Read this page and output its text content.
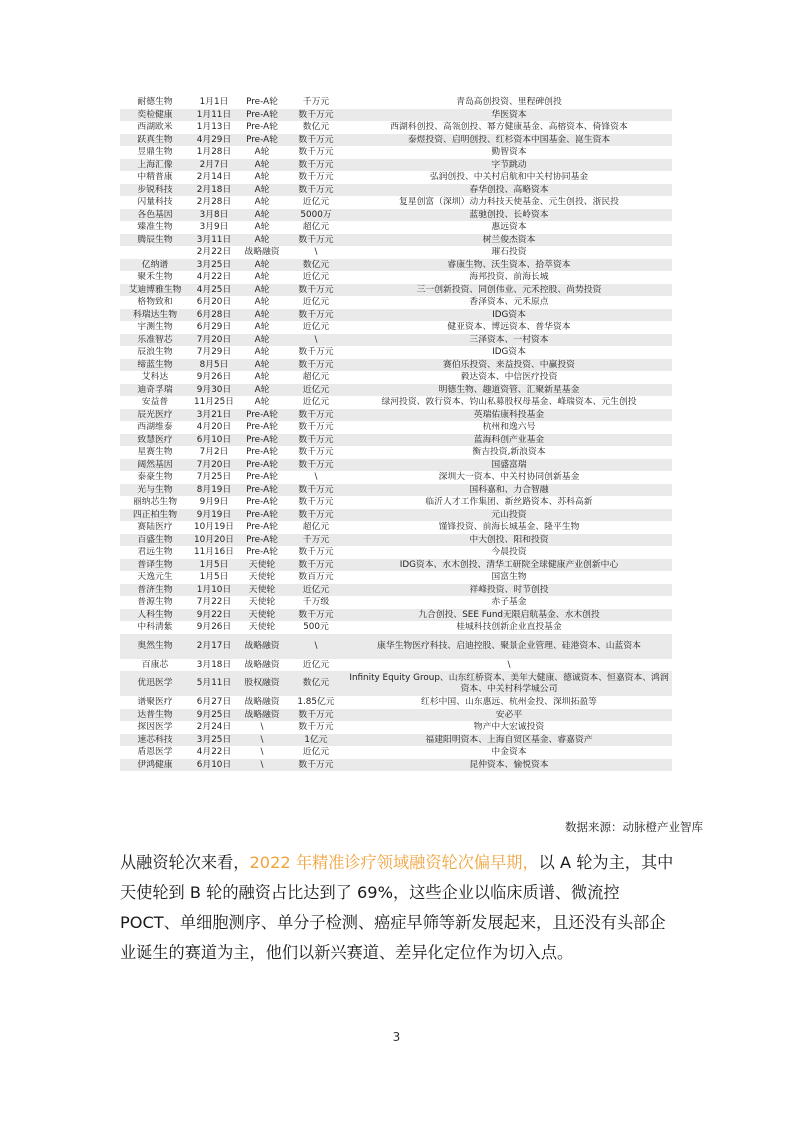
耐德生物	1月1日	Pre-A轮	千万元	青岛高创投资、里程碑创投
奕检健康	1月11日	Pre-A轮	数千万元	华医资本
西湖欧米	1月13日	Pre-A轮	数亿元	西湖科创投、高瓴创投、幂方健康基金、高榕资本、倚锋资本
跃真生物	4月29日	Pre-A轮	数千万元	泰煜投资、启明创投、红杉资本中国基金、崑生资本
昱鼎生物	1月28日	A轮	数千万元	勤智资本
上海汇像	2月7日	A轮	数千万元	字节跳动
中精普康	2月14日	A轮	数千万元	弘润创投、中关村启航和中关村协同基金
步锐科技	2月18日	A轮	数千万元	春华创投、高略资本
闪量科技	2月28日	A轮	近亿元	复星创富（深圳）动力科技天使基金、元生创投、浙民投
各色基因	3月8日	A轮	5000万	蓝驰创投、长岭资本
臻准生物	3月9日	A轮	超亿元	惠远资本
腾辰生物	3月11日	A轮	数千万元	树兰俊杰资本
	2月22日	战略融资	\	璀石投资
亿纳谱	3月25日	A轮	数亿元	睿康生物、沃生资本、拾萃资本
聚禾生物	4月22日	A轮	近亿元	海邦投资、前海长城
艾迪博雅生物	4月25日	A轮	数千万元	三一创新投资、同创伟业、元禾控股、尚势投资
格物致和	6月20日	A轮	近亿元	香泽资本、元禾原点
科瑞达生物	6月28日	A轮	数千万元	IDG资本
宇测生物	6月29日	A轮	近亿元	健亚资本、博远资本、普华资本
乐准智芯	7月20日	A轮	\	三泽资本、一村资本
辰浪生物	7月29日	A轮	数千万元	IDG资本
缔蓝生物	8月5日	A轮	数千万元	赛伯乐投资、来益投资、中赢投资
艾科达	9月26日	A轮	超亿元	毅达资本、中信医疗投资
迪奇孚瑞	9月30日	A轮	近亿元	明德生物、趣道资管、汇聚新星基金
安益普	11月25日	A轮	近亿元	绿河投资、敦行资本、钧山私募股权母基金、峰瑞资本、元生创投
辰光医疗	3月21日	Pre-A轮	数千万元	英瑞佑康科投基金
西湖维泰	4月20日	Pre-A轮	数千万元	杭州和逸六号
致慧医疗	6月10日	Pre-A轮	数千万元	蓝海科创产业基金
星赛生物	7月2日	Pre-A轮	数千万元	衡吉投资,新浪资本
阔然基因	7月20日	Pre-A轮	数千万元	国盛富瑞
泰豪生物	7月25日	Pre-A轮	\	深圳大一资本、中关村协同创新基金
光与生物	8月19日	Pre-A轮	数千万元	国科嘉和、力合智融
丽纳芯生物	9月9日	Pre-A轮	数千万元	临沂人才工作集团、新丝路资本、苏科高新
四正柏生物	9月19日	Pre-A轮	数千万元	元山投资
赛陆医疗	10月19日	Pre-A轮	超亿元	馑锋投资、前海长城基金、隆平生物
百盛生物	10月20日	Pre-A轮	千万元	中大创投、阳和投资
君远生物	11月16日	Pre-A轮	数千万元	今晨投资
普译生物	1月5日	天使轮	数千万元	IDG资本、水木创投、清华工研院全球健康产业创新中心
天逸元生	1月5日	天使轮	数百万元	国富生物
普济生物	1月10日	天使轮	近亿元	祥峰投资、时节创投
普源生物	7月22日	天使轮	千万级	赤子基金
人科生物	9月22日	天使轮	数千万元	九合创投、SEE Fund无限启航基金、水木创投
中科清紫	9月26日	天使轮	500元	桂城科技创新企业直投基金
奥然生物	2月17日	战略融资	\	康华生物医疗科技、启迪控股、聚景企业管理、硅港资本、山蓝资本
百康芯	3月18日	战略融资	近亿元	\
优迅医学	5月11日	股权融资	数亿元	Infinity Equity Group、山东红桥资本、美年大健康、德诚资本、恒嘉资本、鸿润资本、中关村科学城公司
谱聚医疗	6月27日	战略融资	1.85亿元	红杉中国、山东惠远、杭州金投、深圳拓盈等
达普生物	9月25日	战略融资	数千万元	安必平
探因医学	2月24日	\	数千万元	物产中大宏诚投资
速芯科技	3月25日	\	1亿元	福建阳明资本、上海自贸区基金、睿嘉资产
盾恩医学	4月22日	\	近亿元	中金资本
伊鸿健康	6月10日	\	数千万元	昆仲资本、愉悦资本
数据来源：动脉橙产业智库

从融资轮次来看，2022 年精准诊疗领域融资轮次偏早期，以 A 轮为主，其中天使轮到 B 轮的融资占比达到了 69%，这些企业以临床质谱、微流控 POCT、单细胞测序、单分子检测、癌症早筛等新发展起来，且还没有头部企业诞生的赛道为主，他们以新兴赛道、差异化定位作为切入点。

3
